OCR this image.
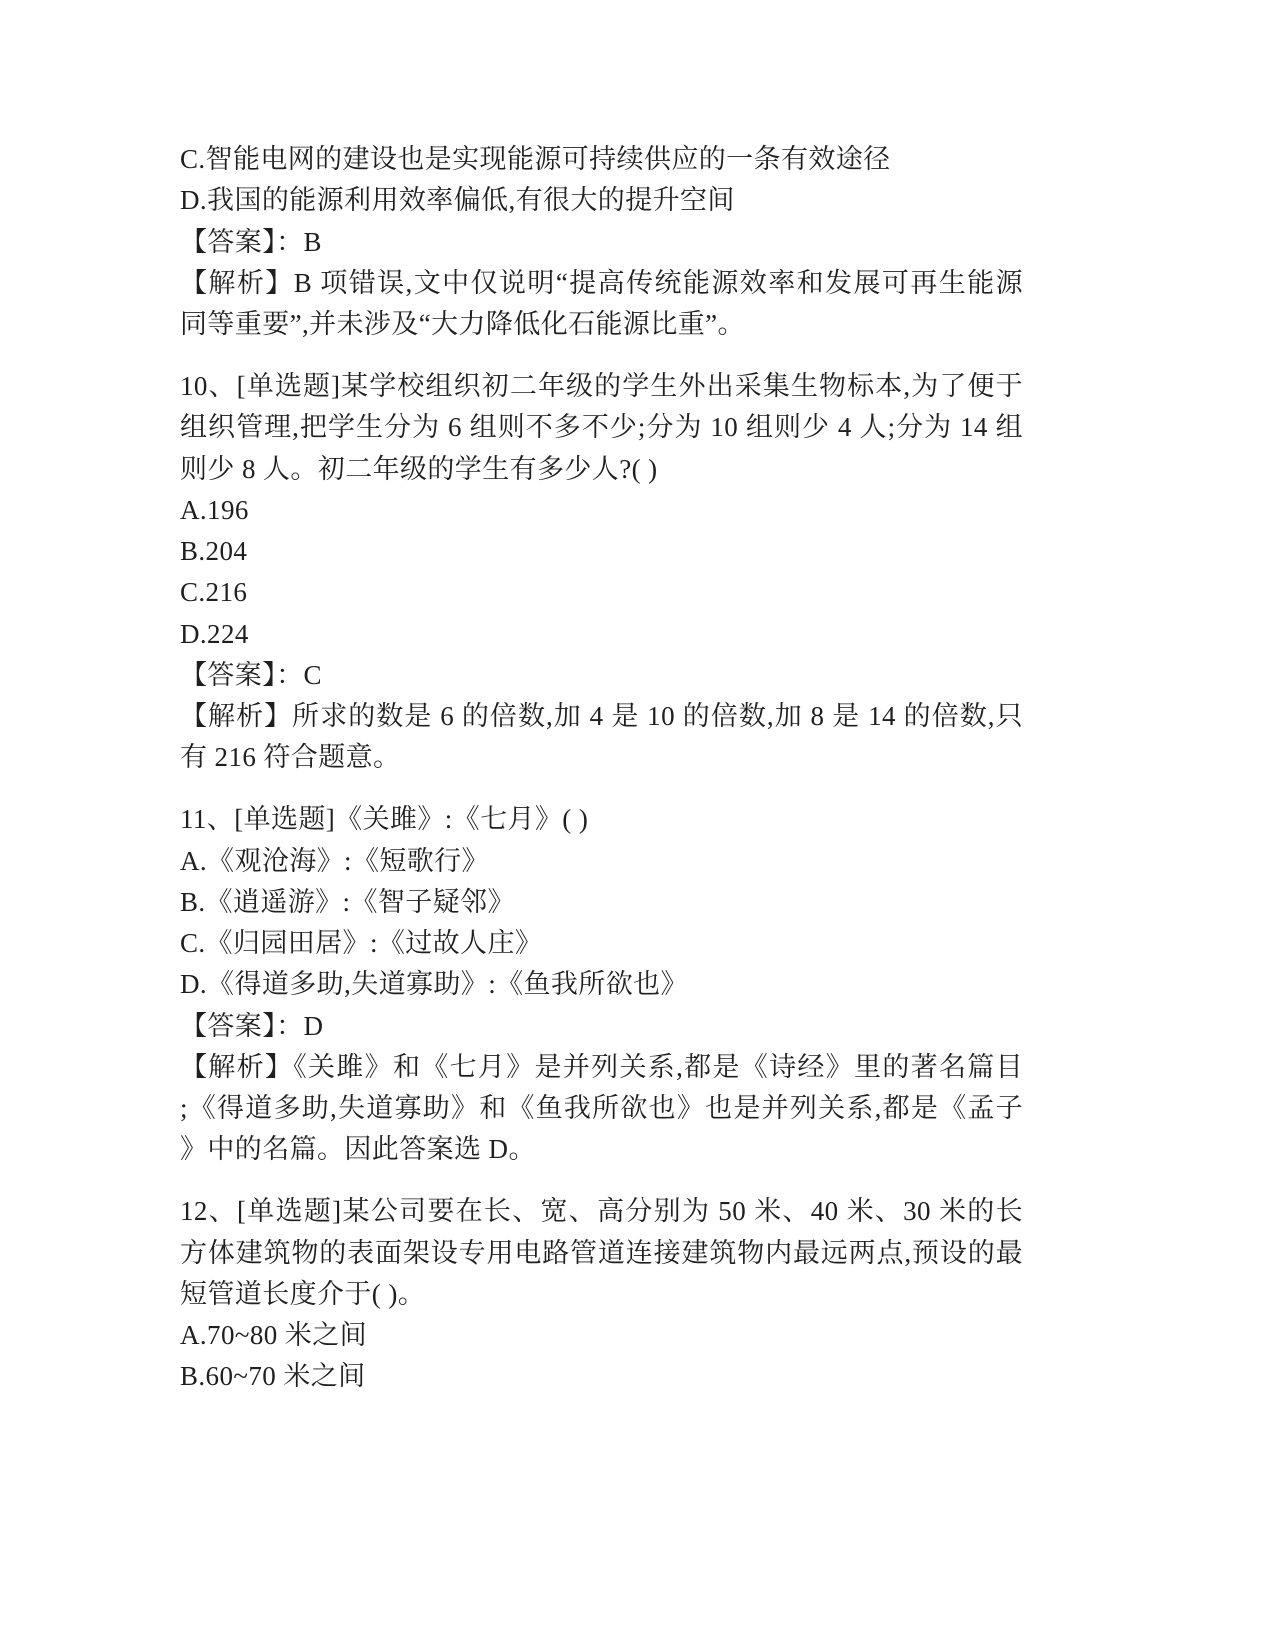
C.智能电网的建设也是实现能源可持续供应的一条有效途径
D.我国的能源利用效率偏低,有很大的提升空间
【答案】：B
【解析】B 项错误,文中仅说明“提高传统能源效率和发展可再生能源
同等重要”,并未涉及“大力降低化石能源比重”。
10、[单选题]某学校组织初二年级的学生外出采集生物标本,为了便于
组织管理,把学生分为 6 组则不多不少;分为 10 组则少 4 人;分为 14 组
则少 8 人。初二年级的学生有多少人?( )
A.196
B.204
C.216
D.224
【答案】：C
【解析】所求的数是 6 的倍数,加 4 是 10 的倍数,加 8 是 14 的倍数,只
有 216 符合题意。
11、[单选题]《关雎》:《七月》( )
A.《观沧海》:《短歌行》
B.《逍遥游》:《智子疑邻》
C.《归园田居》:《过故人庄》
D.《得道多助,失道寡助》:《鱼我所欲也》
【答案】：D
【解析】《关雎》和《七月》是并列关系,都是《诗经》里的著名篇目
;《得道多助,失道寡助》和《鱼我所欲也》也是并列关系,都是《孟子
》中的名篇。因此答案选 D。
12、[单选题]某公司要在长、宽、高分别为 50 米、40 米、30 米的长
方体建筑物的表面架设专用电路管道连接建筑物内最远两点,预设的最
短管道长度介于( )。
A.70~80 米之间
B.60~70 米之间
